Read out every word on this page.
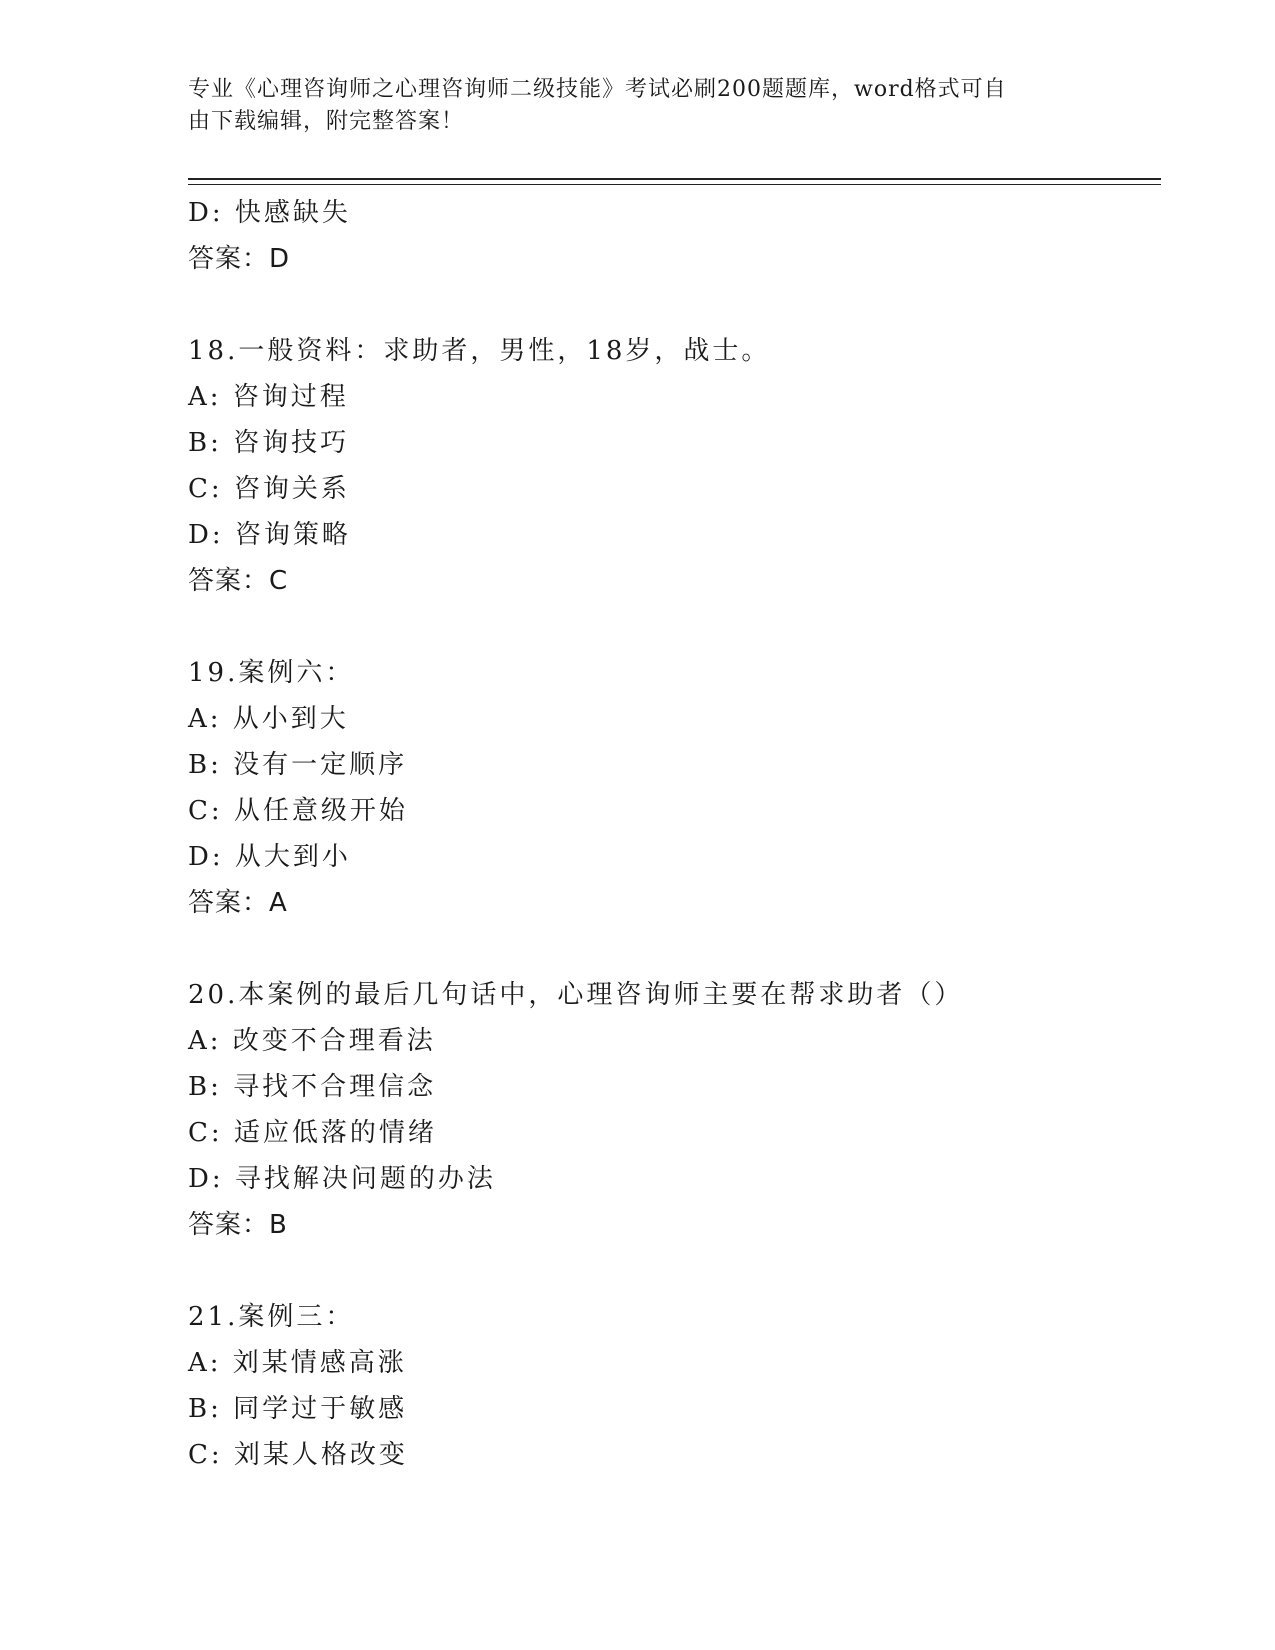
专业《心理咨询师之心理咨询师二级技能》考试必刷200题题库，word格式可自
由下载编辑，附完整答案！
D: 快感缺失
答案：D
18.一般资料：求助者，男性，18岁，战士。
A: 咨询过程
B: 咨询技巧
C: 咨询关系
D: 咨询策略
答案：C
19.案例六：
A: 从小到大
B: 没有一定顺序
C: 从任意级开始
D: 从大到小
答案：A
20.本案例的最后几句话中，心理咨询师主要在帮求助者（）
A: 改变不合理看法
B: 寻找不合理信念
C: 适应低落的情绪
D: 寻找解决问题的办法
答案：B
21.案例三：
A: 刘某情感高涨
B: 同学过于敏感
C: 刘某人格改变
